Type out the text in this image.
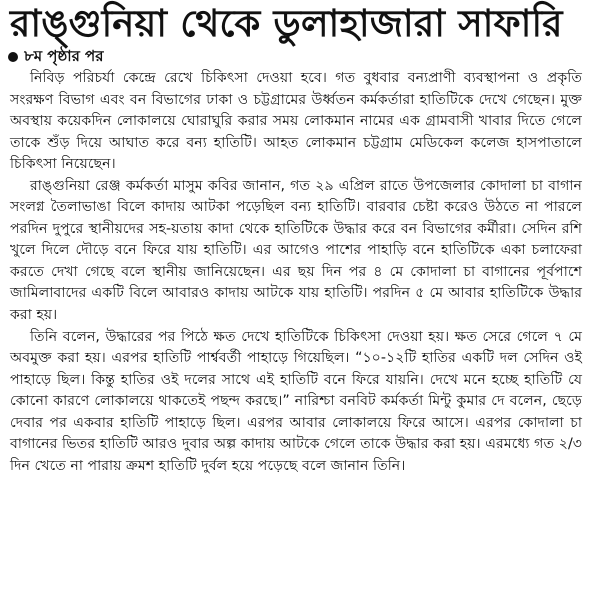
রাঙ্গুনিয়া থেকে ডুলাহাজারা সাফারি
৮ম পৃষ্ঠার পর

নিবিড় পরিচর্যা কেন্দ্রে রেখে চিকিৎসা দেওয়া হবে। গত বুধবার বন্যপ্রাণী ব্যবস্থাপনা ও প্রকৃতি সংরক্ষণ বিভাগ এবং বন বিভাগের ঢাকা ও চট্টগ্রামের উর্ধ্বতন কর্মকর্তারা হাতিটিকে দেখে গেছেন। মুক্ত অবস্থায় কয়েকদিন লোকালয়ে ঘোরাঘুরি করার সময় লোকমান নামের এক গ্রামবাসী খাবার দিতে গেলে তাকে শুঁড় দিয়ে আঘাত করে বন্য হাতিটি। আহত লোকমান চট্টগ্রাম মেডিকেল কলেজ হাসপাতালে চিকিৎসা নিয়েছেন।

রাঙ্গুনিয়া রেঞ্জ কর্মকর্তা মাসুম কবির জানান, গত ২৯ এপ্রিল রাতে উপজেলার কোদালা চা বাগান সংলগ্ন তৈলাভাঙা বিলে কাদায় আটকা পড়েছিল বন্য হাতিটি। বারবার চেষ্টা করেও উঠতে না পারলে পরদিন দুপুরে স্থানীয়দের সহ-য়তায় কাদা থেকে হাতিটিকে উদ্ধার করে বন বিভাগের কর্মীরা। সেদিন রশি খুলে দিলে দৌড়ে বনে ফিরে যায় হাতিটি। এর আগেও পাশের পাহাড়ি বনে হাতিটিকে একা চলাফেরা করতে দেখা গেছে বলে স্থানীয় জানিয়েছেন। এর ছয় দিন পর ৪ মে কোদালা চা বাগানের পূর্বপাশে জামিলাবাদের একটি বিলে আবারও কাদায় আটকে যায় হাতিটি। পরদিন ৫ মে আবার হাতিটিকে উদ্ধার করা হয়।

তিনি বলেন, উদ্ধারের পর পিঠে ক্ষত দেখে হাতিটিকে চিকিৎসা দেওয়া হয়। ক্ষত সেরে গেলে ৭ মে অবমুক্ত করা হয়। এরপর হাতিটি পার্শ্ববর্তী পাহাড়ে গিয়েছিল। “১০-১২টি হাতির একটি দল সেদিন ওই পাহাড়ে ছিল। কিন্তু হাতির ওই দলের সাথে এই হাতিটি বনে ফিরে যায়নি। দেখে মনে হচ্ছে হাতিটি যে কোনো কারণে লোকালয়ে থাকতেই পছন্দ করছে।” নারিশ্চা বনবিট কর্মকর্তা মিন্টু কুমার দে বলেন, ছেড়ে দেবার পর একবার হাতিটি পাহাড়ে ছিল। এরপর আবার লোকালয়ে ফিরে আসে। এরপর কোদালা চা বাগানের ভিতর হাতিটি আরও দুবার অল্প কাদায় আটকে গেলে তাকে উদ্ধার করা হয়। এরমধ্যে গত ২/৩ দিন খেতে না পারায় ক্রমশ হাতিটি দুর্বল হয়ে পড়েছে বলে জানান তিনি।
